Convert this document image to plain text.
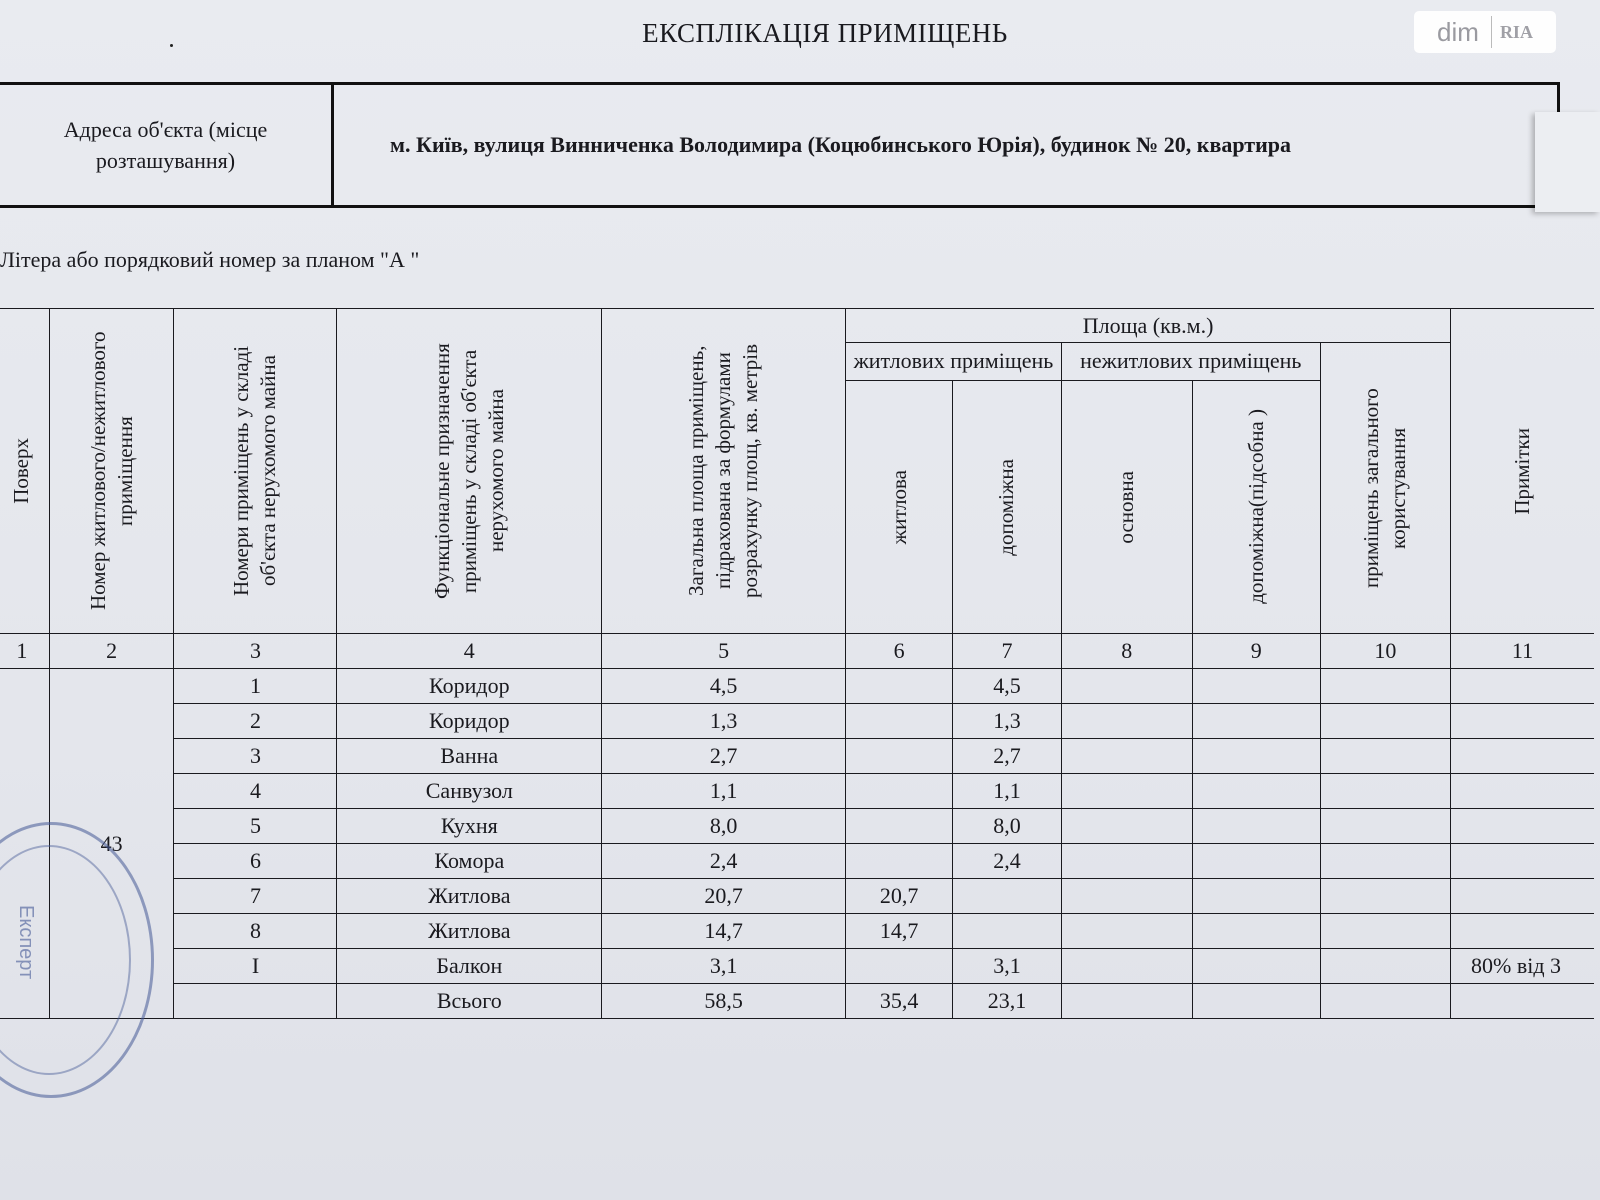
ЕКСПЛІКАЦІЯ ПРИМІЩЕНЬ	dim RIA
Адреса об'єкта (місце розташування)
м. Київ, вулиця Винниченка Володимира (Коцюбинського Юрія), будинок № 20, квартира
Літера або порядковий номер за планом "А "
Поверх	Номер житлового/нежитлового приміщення	Номери приміщень у складі об'єкта нерухомого майна	Функціональне призначення приміщень у складі об'єкта нерухомого майна	Загальна площа приміщень, підрахована за формулами розрахунку площ, кв. метрів	Площа (кв.м.)					Примітки

					житлових приміщень		нежитлових приміщень		приміщень загального користування	

					житлова	допоміжна	основна	допоміжна(підсобна )		

1	2	3	4	5	6	7	8	9	10	11
	43	1	Коридор	4,5		4,5				
		2	Коридор	1,3		1,3				
		3	Ванна	2,7		2,7				
		4	Санвузол	1,1		1,1				
		5	Кухня	8,0		8,0				
		6	Комора	2,4		2,4				
		7	Житлова	20,7	20,7					
		8	Житлова	14,7	14,7					
		І	Балкон	3,1		3,1				80% від 3
			Всього	58,5	35,4	23,1				
Експерт
